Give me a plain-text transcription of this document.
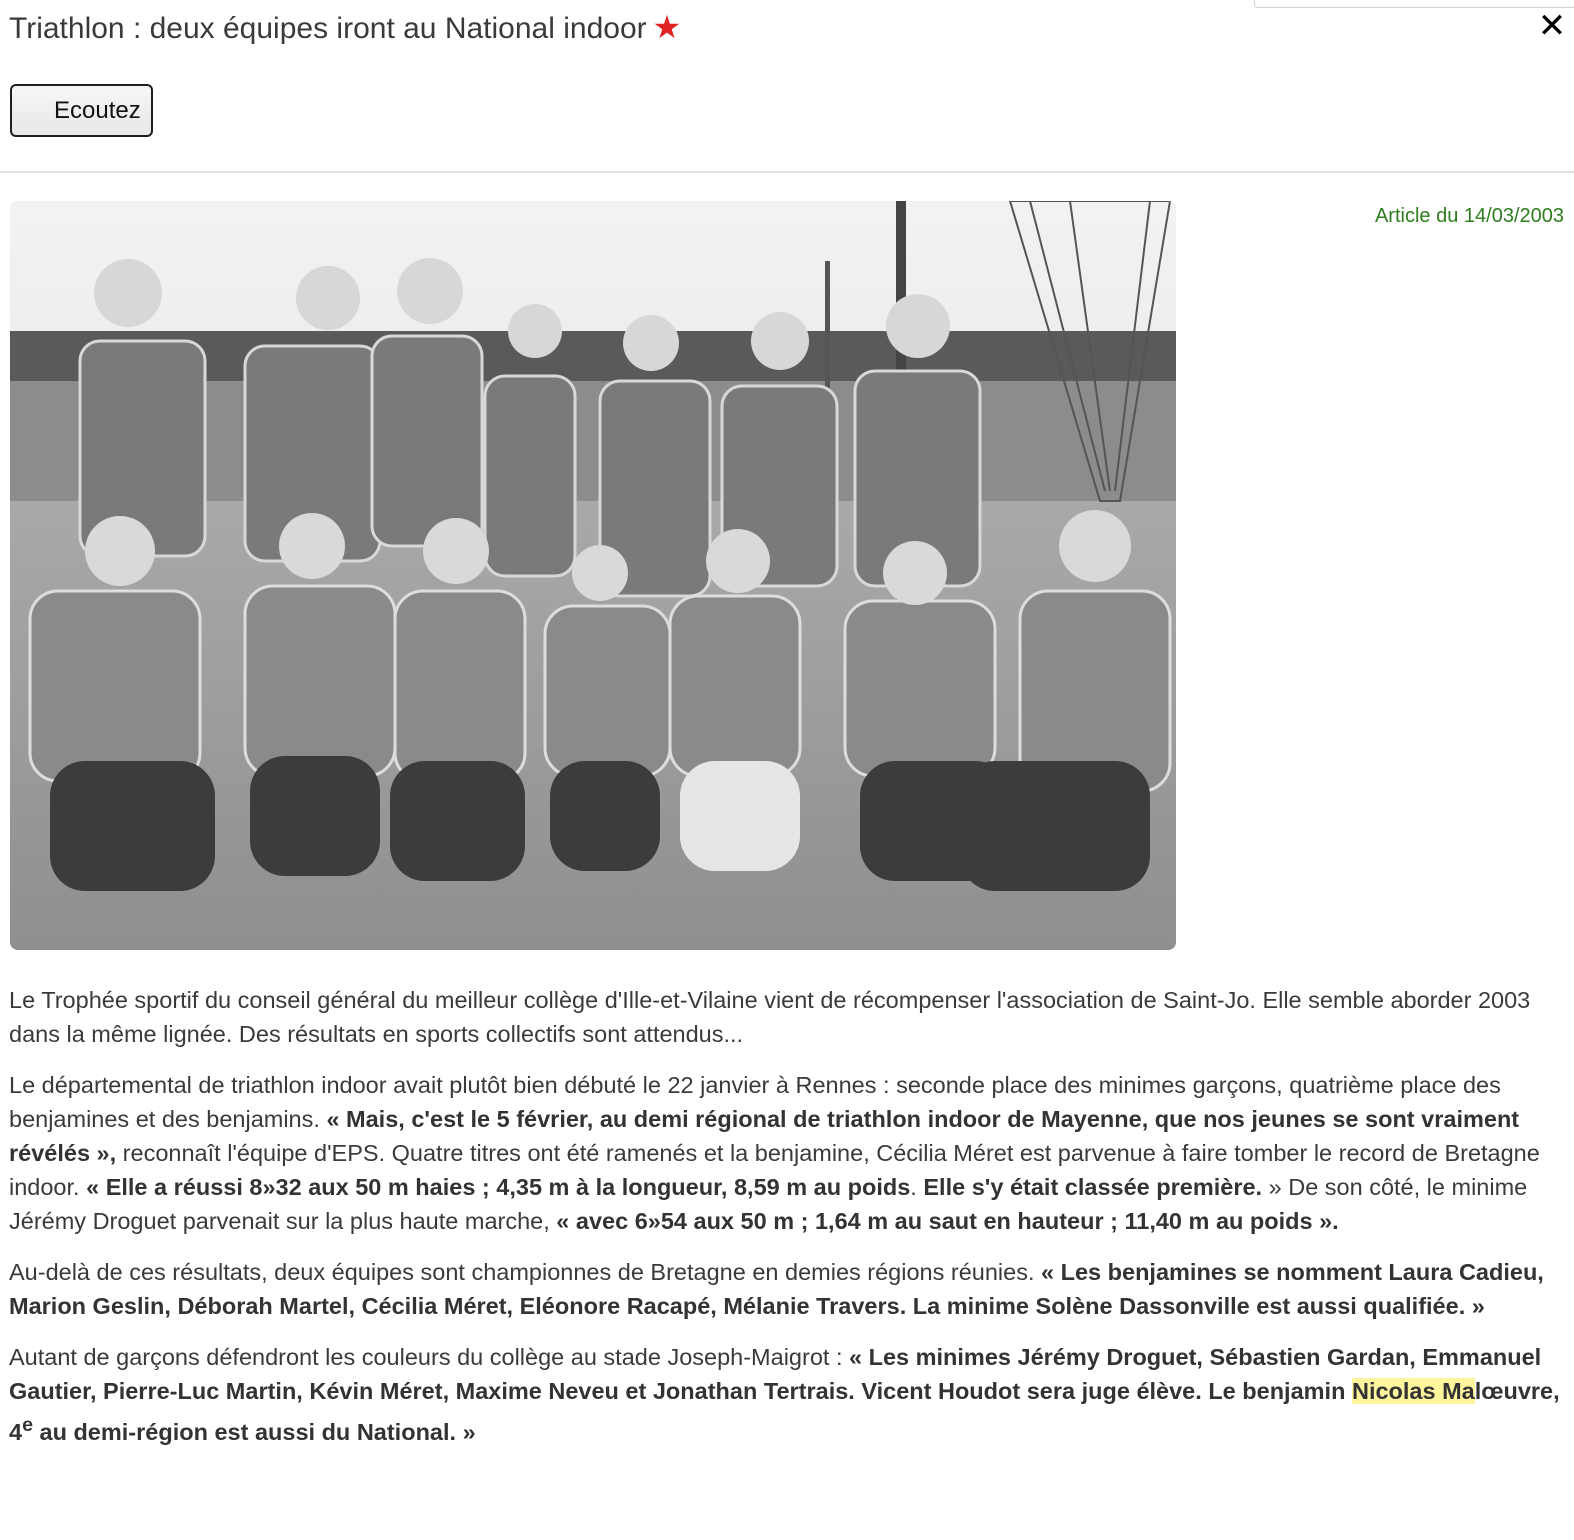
Triathlon : deux équipes iront au National indoor ★	✕
Ecoutez
Article du 14/03/2003

Le Trophée sportif du conseil général du meilleur collège d'Ille-et-Vilaine vient de récompenser l'association de Saint-Jo. Elle semble aborder 2003 dans la même lignée. Des résultats en sports collectifs sont attendus...

Le départemental de triathlon indoor avait plutôt bien débuté le 22 janvier à Rennes : seconde place des minimes garçons, quatrième place des benjamines et des benjamins. « Mais, c'est le 5 février, au demi régional de triathlon indoor de Mayenne, que nos jeunes se sont vraiment révélés », reconnaît l'équipe d'EPS. Quatre titres ont été ramenés et la benjamine, Cécilia Méret est parvenue à faire tomber le record de Bretagne indoor. « Elle a réussi 8»32 aux 50 m haies ; 4,35 m à la longueur, 8,59 m au poids. Elle s'y était classée première. » De son côté, le minime Jérémy Droguet parvenait sur la plus haute marche, « avec 6»54 aux 50 m ; 1,64 m au saut en hauteur ; 11,40 m au poids ».

Au-delà de ces résultats, deux équipes sont championnes de Bretagne en demies régions réunies. « Les benjamines se nomment Laura Cadieu, Marion Geslin, Déborah Martel, Cécilia Méret, Eléonore Racapé, Mélanie Travers. La minime Solène Dassonville est aussi qualifiée. »

Autant de garçons défendront les couleurs du collège au stade Joseph-Maigrot : « Les minimes Jérémy Droguet, Sébastien Gardan, Emmanuel Gautier, Pierre-Luc Martin, Kévin Méret, Maxime Neveu et Jonathan Tertrais. Vicent Houdot sera juge élève. Le benjamin Nicolas Malœuvre, 4e au demi-région est aussi du National. »
